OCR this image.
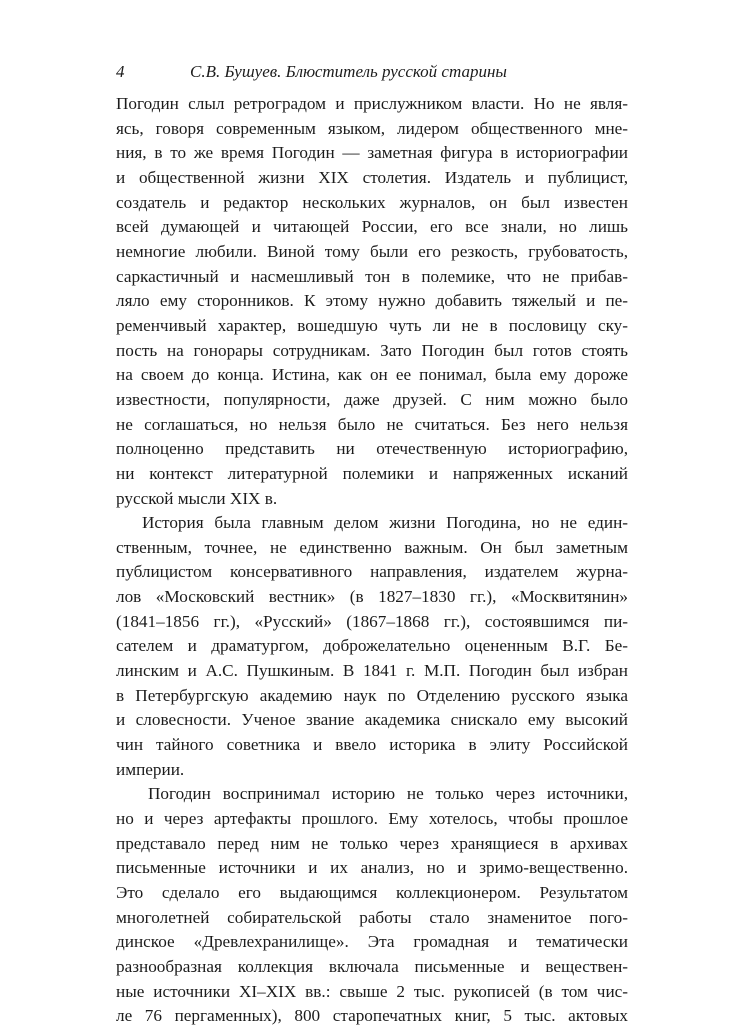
4	С.В. Бушуев. Блюститель русской старины

Погодин слыл ретроградом и прислужником власти. Но не явля-
ясь, говоря современным языком, лидером общественного мне-
ния, в то же время Погодин — заметная фигура в историографии
и общественной жизни XIX столетия. Издатель и публицист,
создатель и редактор нескольких журналов, он был известен
всей думающей и читающей России, его все знали, но лишь
немногие любили. Виной тому были его резкость, грубоватость,
саркастичный и насмешливый тон в полемике, что не прибав-
ляло ему сторонников. К этому нужно добавить тяжелый и пе-
ременчивый характер, вошедшую чуть ли не в пословицу ску-
пость на гонорары сотрудникам. Зато Погодин был готов стоять
на своем до конца. Истина, как он ее понимал, была ему дороже
известности, популярности, даже друзей. С ним можно было
не соглашаться, но нельзя было не считаться. Без него нельзя
полноценно представить ни отечественную историографию,
ни контекст литературной полемики и напряженных исканий
русской мысли XIX в.

История была главным делом жизни Погодина, но не един-
ственным, точнее, не единственно важным. Он был заметным
публицистом консервативного направления, издателем журна-
лов «Московский вестник» (в 1827–1830 гг.), «Москвитянин»
(1841–1856 гг.), «Русский» (1867–1868 гг.), состоявшимся пи-
сателем и драматургом, доброжелательно оцененным В.Г. Бе-
линским и А.С. Пушкиным. В 1841 г. М.П. Погодин был избран
в Петербургскую академию наук по Отделению русского языка
и словесности. Ученое звание академика снискало ему высокий
чин тайного советника и ввело историка в элиту Российской
империи.

Погодин воспринимал историю не только через источники,
но и через артефакты прошлого. Ему хотелось, чтобы прошлое
представало перед ним не только через хранящиеся в архивах
письменные источники и их анализ, но и зримо-вещественно.
Это сделало его выдающимся коллекционером. Результатом
многолетней собирательской работы стало знаменитое пого-
динское «Древлехранилище». Эта громадная и тематически
разнообразная коллекция включала письменные и веществен-
ные источники XI–XIX вв.: свыше 2 тыс. рукописей (в том чис-
ле 76 пергаменных), 800 старопечатных книг, 5 тыс. актовых
